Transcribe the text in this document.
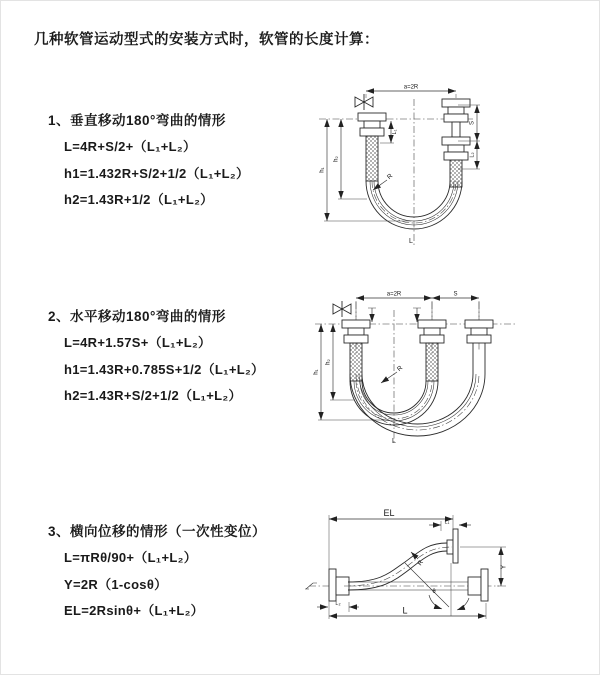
几种软管运动型式的安装方式时，软管的长度计算：
1、垂直移动180°弯曲的情形
L=4R+S/2+（L₁+L₂）
h1=1.432R+S/2+1/2（L₁+L₂）
h2=1.43R+1/2（L₁+L₂）
2、水平移动180°弯曲的情形
L=4R+1.57S+（L₁+L₂）
h1=1.43R+0.785S+1/2（L₁+L₂）
h2=1.43R+S/2+1/2（L₁+L₂）
3、横向位移的情形（一次性变位）
L=πRθ/90+（L₁+L₂）
Y=2R（1-cosθ）
EL=2Rsinθ+（L₁+L₂）
a=2R
S
L₂
L₁
h₂
h₁
R
L
a=2R	S
h₂
h₁	R
L
θ
EL
L₁
Y
R
L
L₂
